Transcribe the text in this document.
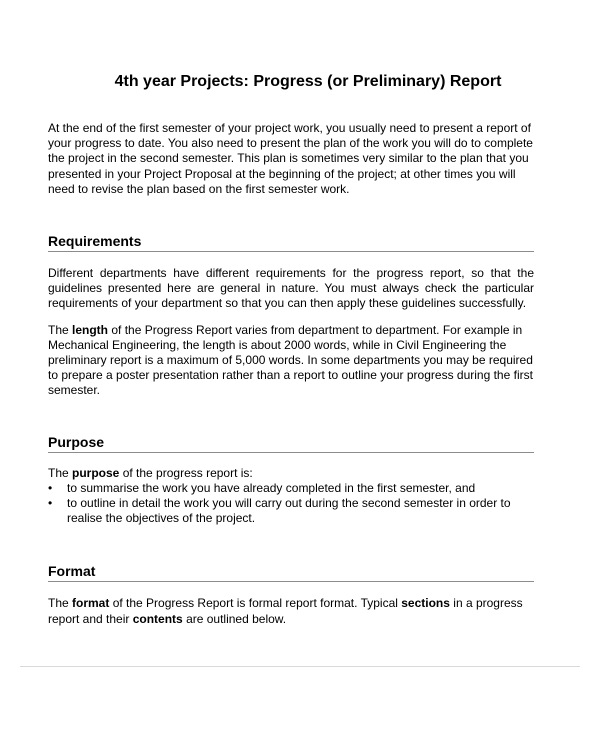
4th year Projects: Progress (or Preliminary) Report

At the end of the first semester of your project work, you usually need to present a report of your progress to date. You also need to present the plan of the work you will do to complete the project in the second semester. This plan is sometimes very similar to the plan that you presented in your Project Proposal at the beginning of the project; at other times you will need to revise the plan based on the first semester work.

Requirements

Different departments have different requirements for the progress report, so that the guidelines presented here are general in nature. You must always check the particular requirements of your department so that you can then apply these guidelines successfully.

The length of the Progress Report varies from department to department. For example in Mechanical Engineering, the length is about 2000 words, while in Civil Engineering the preliminary report is a maximum of 5,000 words. In some departments you may be required to prepare a poster presentation rather than a report to outline your progress during the first semester.

Purpose

The purpose of the progress report is:

• to summarise the work you have already completed in the first semester, and
• to outline in detail the work you will carry out during the second semester in order to realise the objectives of the project.
Format

The format of the Progress Report is formal report format. Typical sections in a progress report and their contents are outlined below.
